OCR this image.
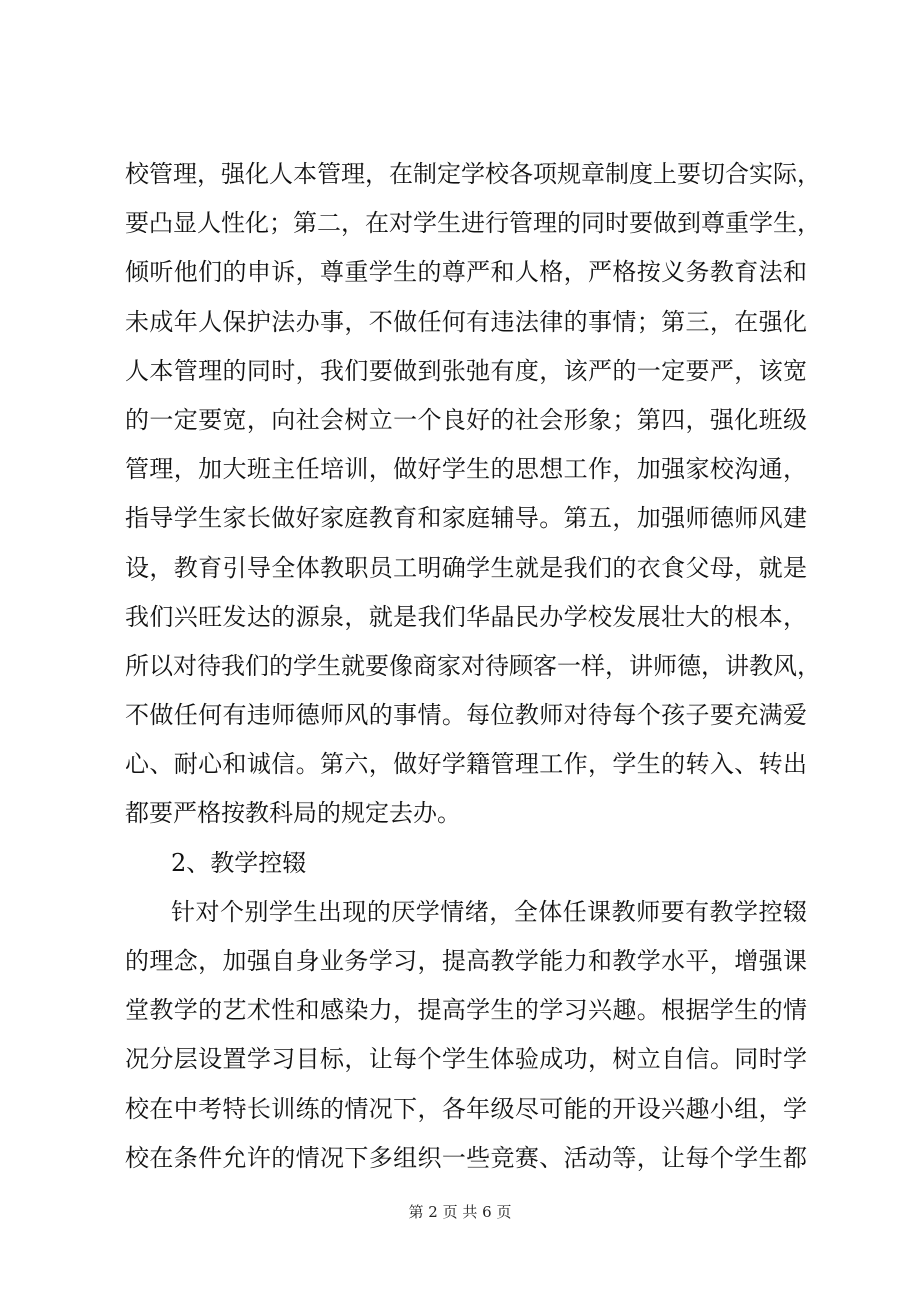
校管理，强化人本管理，在制定学校各项规章制度上要切合实际，
要凸显人性化；第二，在对学生进行管理的同时要做到尊重学生，
倾听他们的申诉，尊重学生的尊严和人格，严格按义务教育法和
未成年人保护法办事，不做任何有违法律的事情；第三，在强化
人本管理的同时，我们要做到张弛有度，该严的一定要严，该宽
的一定要宽，向社会树立一个良好的社会形象；第四，强化班级
管理，加大班主任培训，做好学生的思想工作，加强家校沟通，
指导学生家长做好家庭教育和家庭辅导。第五，加强师德师风建
设，教育引导全体教职员工明确学生就是我们的衣食父母，就是
我们兴旺发达的源泉，就是我们华晶民办学校发展壮大的根本，
所以对待我们的学生就要像商家对待顾客一样，讲师德，讲教风，
不做任何有违师德师风的事情。每位教师对待每个孩子要充满爱
心、耐心和诚信。第六，做好学籍管理工作，学生的转入、转出
都要严格按教科局的规定去办。
2、教学控辍
针对个别学生出现的厌学情绪，全体任课教师要有教学控辍
的理念，加强自身业务学习，提高教学能力和教学水平，增强课
堂教学的艺术性和感染力，提高学生的学习兴趣。根据学生的情
况分层设置学习目标，让每个学生体验成功，树立自信。同时学
校在中考特长训练的情况下，各年级尽可能的开设兴趣小组，学
校在条件允许的情况下多组织一些竞赛、活动等，让每个学生都
第 2 页 共 6 页
